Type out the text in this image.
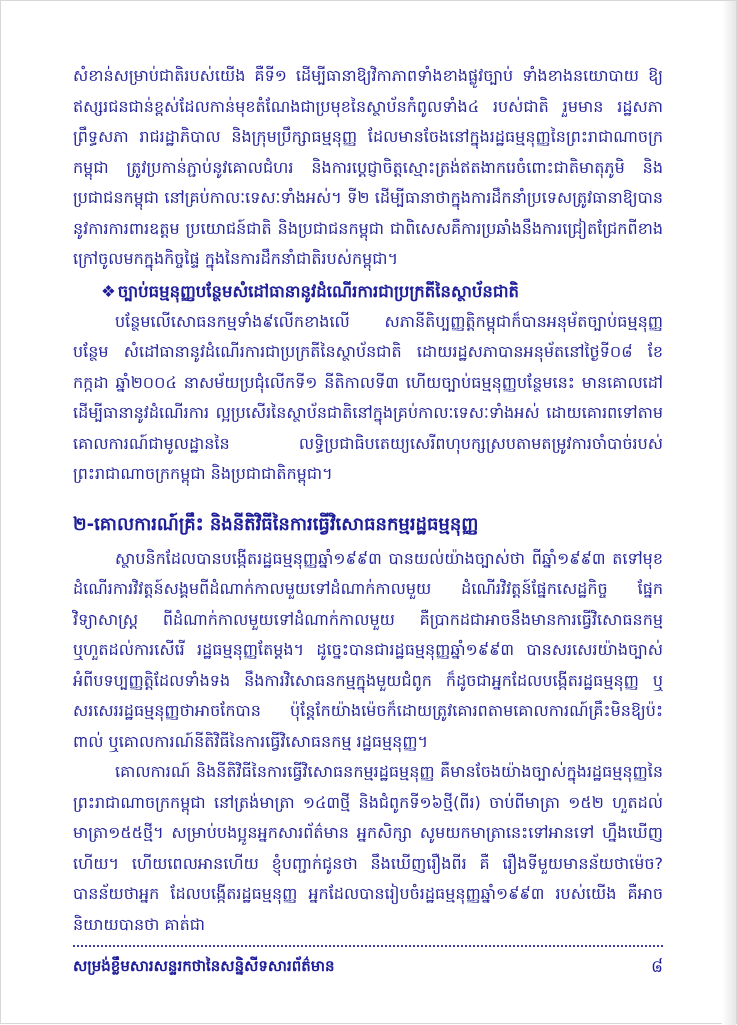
សំខាន់សម្រាប់ជាតិរបស់យើង គឺទី១ ដើម្បីធានាឱ្យវិកាភាពទាំងខាងផ្លូវច្បាប់ ទាំងខាងនយោបាយ ឱ្យឥស្សរជនជាន់ខ្ពស់ដែលកាន់មុខតំណែងជាប្រមុខនៃស្ថាប័នកំពូលទាំង៤ របស់ជាតិ រួមមាន រដ្ឋសភា ព្រឹទ្ធសភា រាជរដ្ឋាភិបាល និងក្រុមប្រឹក្សាធម្មនុញ្ញ ដែលមានចែងនៅក្នុងរដ្ឋធម្មនុញ្ញនៃព្រះរាជាណាចក្រកម្ពុជា ត្រូវប្រកាន់ភ្ជាប់នូវគោលជំហរ និងការប្តេជ្ញាចិត្តស្មោះត្រង់ឥតងាករេចំពោះជាតិមាតុភូមិ និងប្រជាជនកម្ពុជា នៅគ្រប់កាលៈទេសៈទាំងអស់។ ទី២ ដើម្បីធានាថាក្នុងការដឹកនាំប្រទេសត្រូវធានាឱ្យបាននូវការការពារឧត្តម ប្រយោជន៍ជាតិ និងប្រជាជនកម្ពុជា ជាពិសេសគឺការប្រឆាំងនឹងការជ្រៀតជ្រែកពីខាងក្រៅចូលមកក្នុងកិច្ចផ្ទៃ ក្នុងនៃការដឹកនាំជាតិរបស់កម្ពុជា។

❖ ច្បាប់ធម្មនុញ្ញបន្ថែមសំដៅធានានូវដំណើរការជាប្រក្រតីនៃស្ថាប័នជាតិ

បន្ថែមលើសោធនកម្មទាំង៩លើកខាងលើ សភានីតិប្បញ្ញត្តិកម្ពុជាក៏បានអនុម័តច្បាប់ធម្មនុញ្ញបន្ថែម សំដៅធានានូវដំណើរការជាប្រក្រតីនៃស្ថាប័នជាតិ ដោយរដ្ឋសភាបានអនុម័តនៅថ្ងៃទី០៨ ខែកក្កដា ឆ្នាំ២០០៤ នាសម័យប្រជុំលើកទី១ នីតិកាលទី៣ ហើយច្បាប់ធម្មនុញ្ញបន្ថែមនេះ មានគោលដៅដើម្បីធានានូវដំណើរការ ល្អប្រសើរនៃស្ថាប័នជាតិនៅក្នុងគ្រប់កាលៈទេសៈទាំងអស់ ដោយគោរពទៅតាមគោលការណ៍ជាមូលដ្ឋាននៃ លទ្ធិប្រជាធិបតេយ្យសេរីពហុបក្សស្របតាមតម្រូវការចាំបាច់របស់ព្រះរាជាណាចក្រកម្ពុជា និងប្រជាជាតិកម្ពុជា។

២-គោលការណ៍គ្រឹះ និងនីតិវិធីនៃការធ្វើវិសោធនកម្មរដ្ឋធម្មនុញ្ញ

ស្ថាបនិកដែលបានបង្កើតរដ្ឋធម្មនុញ្ញឆ្នាំ១៩៩៣ បានយល់យ៉ាងច្បាស់ថា ពីឆ្នាំ១៩៩៣ តទៅមុខ ដំណើរការវិវត្តន៍សង្គមពីដំណាក់កាលមួយទៅដំណាក់កាលមួយ ដំណើរវិវត្តន៍ផ្នែកសេដ្ឋកិច្ច ផ្នែកវិទ្យាសាស្ត្រ ពីដំណាក់កាលមួយទៅដំណាក់កាលមួយ គឺប្រាកដជាអាចនឹងមានការធ្វើវិសោធនកម្ម ឬហួតដល់ការសើរើ រដ្ឋធម្មនុញ្ញតែម្តង។ ដូច្នេះបានជារដ្ឋធម្មនុញ្ញឆ្នាំ១៩៩៣ បានសរសេរយ៉ាងច្បាស់អំពីបទប្បញ្ញត្តិដែលទាំងទង នឹងការវិសោធនកម្មក្នុងមួយជំពូក ក៏ដូចជាអ្នកដែលបង្កើតរដ្ឋធម្មនុញ្ញ ឬសរសេររដ្ឋធម្មនុញ្ញថាអាចកែបាន ប៉ុន្តែកែយ៉ាងម៉េចក៏ដោយត្រូវគោរពតាមគោលការណ៍គ្រឹះមិនឱ្យប៉ះពាល់ ឬគោលការណ៍នីតិវិធីនៃការធ្វើវិសោធនកម្ម រដ្ឋធម្មនុញ្ញ។

គោលការណ៍ និងនីតិវិធីនៃការធ្វើវិសោធនកម្មរដ្ឋធម្មនុញ្ញ គឺមានចែងយ៉ាងច្បាស់ក្នុងរដ្ឋធម្មនុញ្ញនៃ ព្រះរាជាណាចក្រកម្ពុជា នៅត្រង់មាត្រា ១៤៣ថ្មី និងជំពូកទី១៦ថ្មី(ពីរ) ចាប់ពីមាត្រា ១៥២ ហួតដល់ មាត្រា១៥៥ថ្មី។ សម្រាប់បងប្អូនអ្នកសារព័ត៌មាន អ្នកសិក្សា សូមយកមាត្រានេះទៅអានទៅ ហ្នឹងឃើញហើយ។ ហើយពេលអានហើយ ខ្ញុំបញ្ជាក់ជូនថា នឹងឃើញរឿងពីរ គឺ រឿងទីមួយមានន័យថាម៉េច? បានន័យថាអ្នក ដែលបង្កើតរដ្ឋធម្មនុញ្ញ អ្នកដែលបានរៀបចំរដ្ឋធម្មនុញ្ញឆ្នាំ១៩៩៣ របស់យើង គឺអាចនិយាយបានថា គាត់ជា

សម្រង់ខ្លឹមសារសន្ទរកថានៃសន្និសីទសារព័ត៌មាន	៨
